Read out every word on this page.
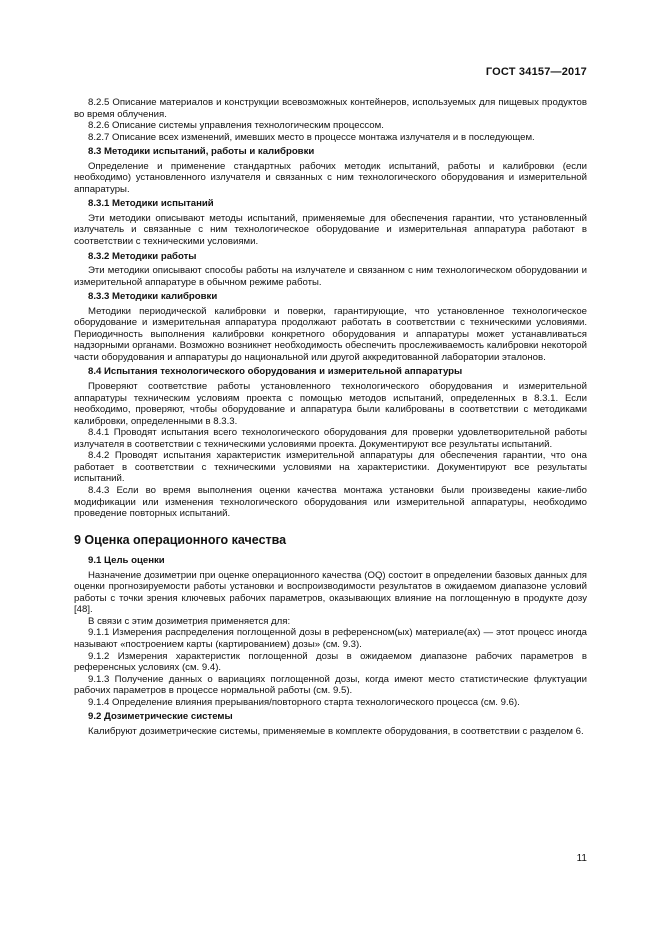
ГОСТ 34157—2017

8.2.5 Описание материалов и конструкции всевозможных контейнеров, используемых для пищевых продуктов во время облучения.

8.2.6 Описание системы управления технологическим процессом.

8.2.7 Описание всех изменений, имевших место в процессе монтажа излучателя и в последующем.

8.3 Методики испытаний, работы и калибровки

Определение и применение стандартных рабочих методик испытаний, работы и калибровки (если необходимо) установленного излучателя и связанных с ним технологического оборудования и измерительной аппаратуры.

8.3.1 Методики испытаний

Эти методики описывают методы испытаний, применяемые для обеспечения гарантии, что установленный излучатель и связанные с ним технологическое оборудование и измерительная аппаратура работают в соответствии с техническими условиями.

8.3.2 Методики работы

Эти методики описывают способы работы на излучателе и связанном с ним технологическом оборудовании и измерительной аппаратуре в обычном режиме работы.

8.3.3 Методики калибровки

Методики периодической калибровки и поверки, гарантирующие, что установленное технологическое оборудование и измерительная аппаратура продолжают работать в соответствии с техническими условиями. Периодичность выполнения калибровки конкретного оборудования и аппаратуры может устанавливаться надзорными органами. Возможно возникнет необходимость обеспечить прослеживаемость калибровки некоторой части оборудования и аппаратуры до национальной или другой аккредитованной лаборатории эталонов.

8.4 Испытания технологического оборудования и измерительной аппаратуры

Проверяют соответствие работы установленного технологического оборудования и измерительной аппаратуры техническим условиям проекта с помощью методов испытаний, определенных в 8.3.1. Если необходимо, проверяют, чтобы оборудование и аппаратура были калиброваны в соответствии с методиками калибровки, определенными в 8.3.3.

8.4.1 Проводят испытания всего технологического оборудования для проверки удовлетворительной работы излучателя в соответствии с техническими условиями проекта. Документируют все результаты испытаний.

8.4.2 Проводят испытания характеристик измерительной аппаратуры для обеспечения гарантии, что она работает в соответствии с техническими условиями на характеристики. Документируют все результаты испытаний.

8.4.3 Если во время выполнения оценки качества монтажа установки были произведены какие-либо модификации или изменения технологического оборудования или измерительной аппаратуры, необходимо проведение повторных испытаний.

9 Оценка операционного качества
9.1 Цель оценки

Назначение дозиметрии при оценке операционного качества (OQ) состоит в определении базовых данных для оценки прогнозируемости работы установки и воспроизводимости результатов в ожидаемом диапазоне условий работы с точки зрения ключевых рабочих параметров, оказывающих влияние на поглощенную в продукте дозу [48].

В связи с этим дозиметрия применяется для:

9.1.1 Измерения распределения поглощенной дозы в референсном(ых) материале(ах) — этот процесс иногда называют «построением карты (картированием) дозы» (см. 9.3).

9.1.2 Измерения характеристик поглощенной дозы в ожидаемом диапазоне рабочих параметров в референсных условиях (см. 9.4).

9.1.3 Получение данных о вариациях поглощенной дозы, когда имеют место статистические флуктуации рабочих параметров в процессе нормальной работы (см. 9.5).

9.1.4 Определение влияния прерывания/повторного старта технологического процесса (см. 9.6).

9.2 Дозиметрические системы

Калибруют дозиметрические системы, применяемые в комплекте оборудования, в соответствии с разделом 6.

11
